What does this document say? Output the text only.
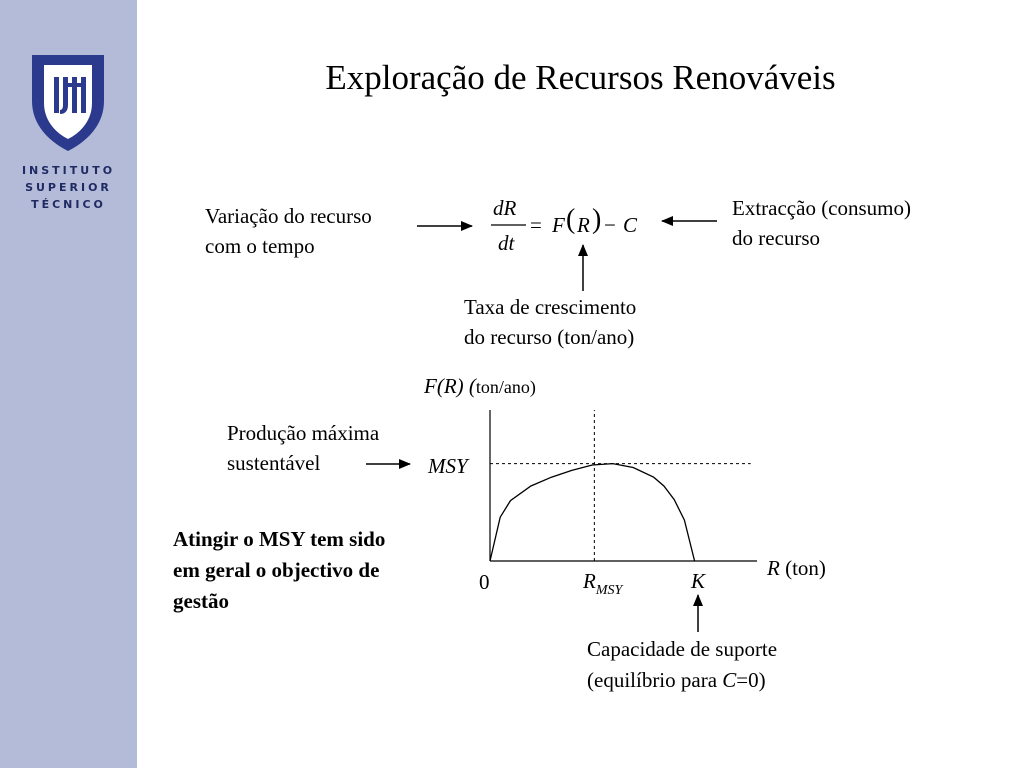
INSTITUTO
SUPERIOR
TÉCNICO
Exploração de Recursos Renováveis
dR
dt
= F ( R ) − C
Variação do recurso
com o tempo
Extracção (consumo)
do recurso
Taxa de crescimento
do recurso (ton/ano)
F(R) (ton/ano)
MSY
0	$R_{MSY}$	K
R (ton)
Produção máxima
sustentável
Atingir o MSY tem sido
em geral o objectivo de
gestão
Capacidade de suporte
(equilíbrio para C=0)
